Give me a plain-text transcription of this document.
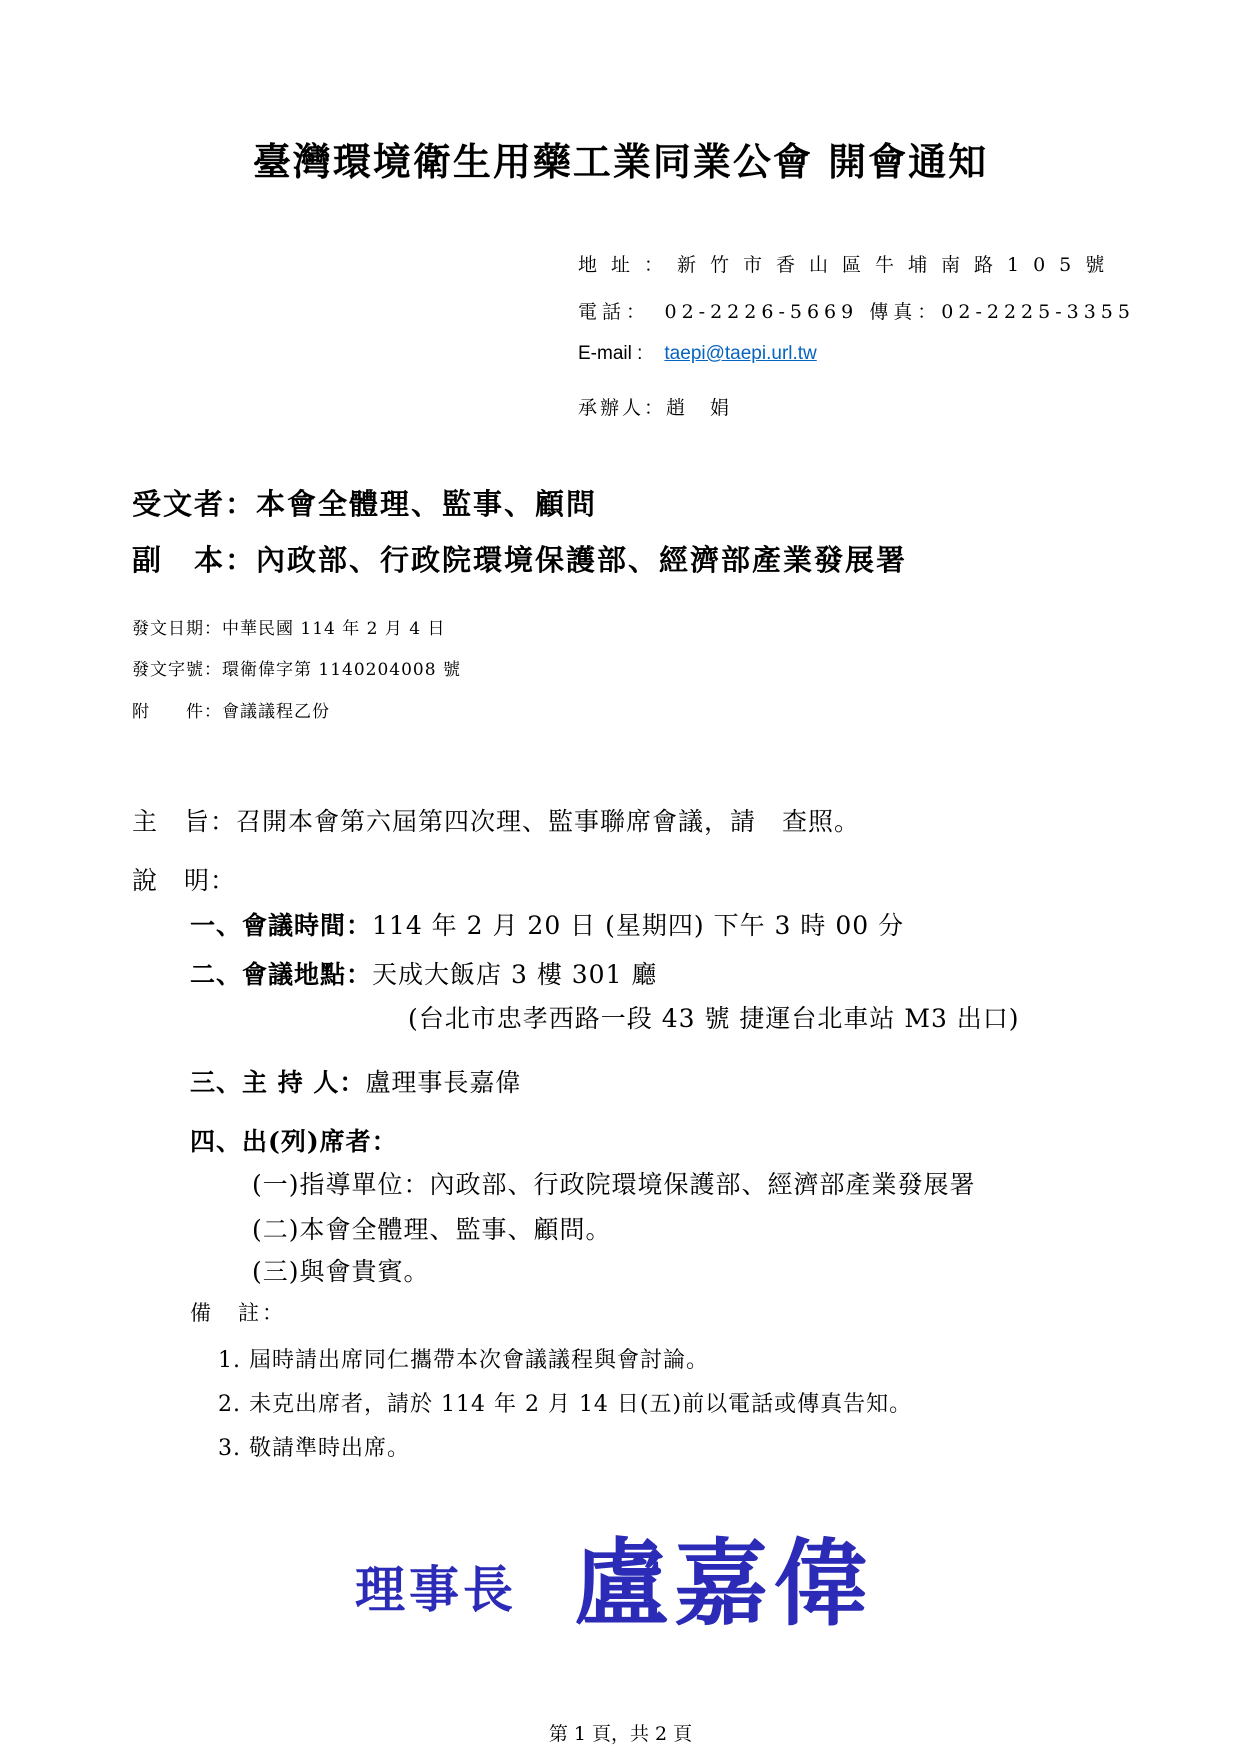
臺灣環境衛生用藥工業同業公會 開會通知
地址：新竹市香山區牛埔南路105號
電話：　02-2226-5669 傳真：02-2225-3355
E-mail : taepi@taepi.url.tw
承辦人：趙　娟
受文者：本會全體理、監事、顧問
副　本：內政部、行政院環境保護部、經濟部產業發展署
發文日期：中華民國 114 年 2 月 4 日
發文字號：環衛偉字第 1140204008 號
附　　件：會議議程乙份
主　旨：召開本會第六屆第四次理、監事聯席會議，請　查照。
說　明：
一、會議時間：114 年 2 月 20 日 (星期四) 下午 3 時 00 分
二、會議地點：天成大飯店 3 樓 301 廳
(台北市忠孝西路一段 43 號 捷運台北車站 M3 出口)
三、主 持 人：盧理事長嘉偉
四、出(列)席者：
(一)指導單位：內政部、行政院環境保護部、經濟部產業發展署
(二)本會全體理、監事、顧問。
(三)與會貴賓。
備　註：
1. 屆時請出席同仁攜帶本次會議議程與會討論。
2. 未克出席者，請於 114 年 2 月 14 日(五)前以電話或傳真告知。
3. 敬請準時出席。
理事長 盧嘉偉
第 1 頁，共 2 頁
